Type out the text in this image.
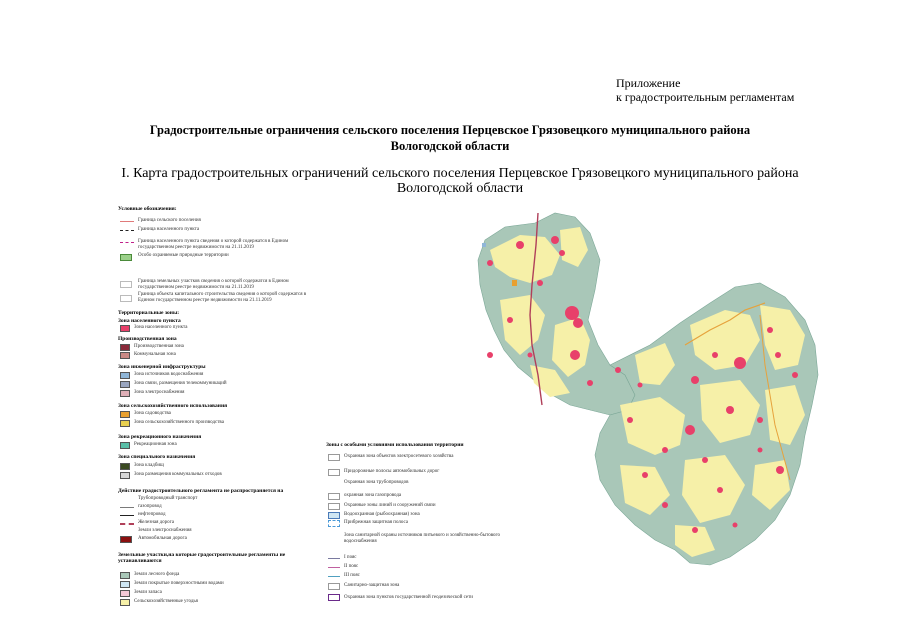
Приложение
к градостроительным регламентам
Градостроительные ограничения сельского поселения Перцевское Грязовецкого муниципального района
Вологодской области
I. Карта градостроительных ограничений сельского поселения Перцевское Грязовецкого муниципального района
Вологодской области
Условные обозначения:
Граница сельского поселения
Граница населенного пункта
Граница населенного пункта сведения о которой содержатся в Едином государственном реестре недвижимости на 21.11.2019
Особо охраняемые природные территории
Граница земельных участков сведения о которой содержатся в Едином государственном реестре недвижимости на 21.11.2019
Граница объекта капитального строительства сведения о которой содержатся в Едином государственном реестре недвижимости на 21.11.2019
Территориальные зоны:
Зона населенного пункта
Зона населенного пункта
Производственная зона
Производственная зона
Коммунальная зона
Зона инженерной инфраструктуры
Зона источников водоснабжения
Зона связи, размещения телекоммуникаций
Зона электроснабжения
Зона сельскохозяйственного использования
Зона садоводства
Зона сельскохозяйственного производства
Зона рекреационного назначения
Рекреационная зона
Зона специального назначения
Зона кладбищ
Зона размещения коммунальных отходов
Действие градостроительного регламента не распространяется на
Трубопроводный транспорт
газопровод
нефтепровод
Железная дорога
Земли электроснабжения
Автомобильная дорога
Земельные участки,на которые градостроительные регламенты не устанавливаются
Земли лесного фонда
Земли покрытые поверхностными водами
Земли запаса
Сельскохозяйственные угодья
Зоны с особыми условиями использования территории
Охранная зона объектов электросетевого хозяйства
Придорожные полосы автомобильных дорог
Охранная зона трубопроводов
охранная зона газопровода
Охранные зоны линий и сооружений связи
Водоохранная (рыбоохранная) зона
Прибрежная защитная полоса
Зона санитарной охраны источников питьевого и хозяйственно-бытового водоснабжения
I пояс
II пояс
III пояс
Санитарно-защитная зона
Охранная зона пунктов государственной геодезической сети
